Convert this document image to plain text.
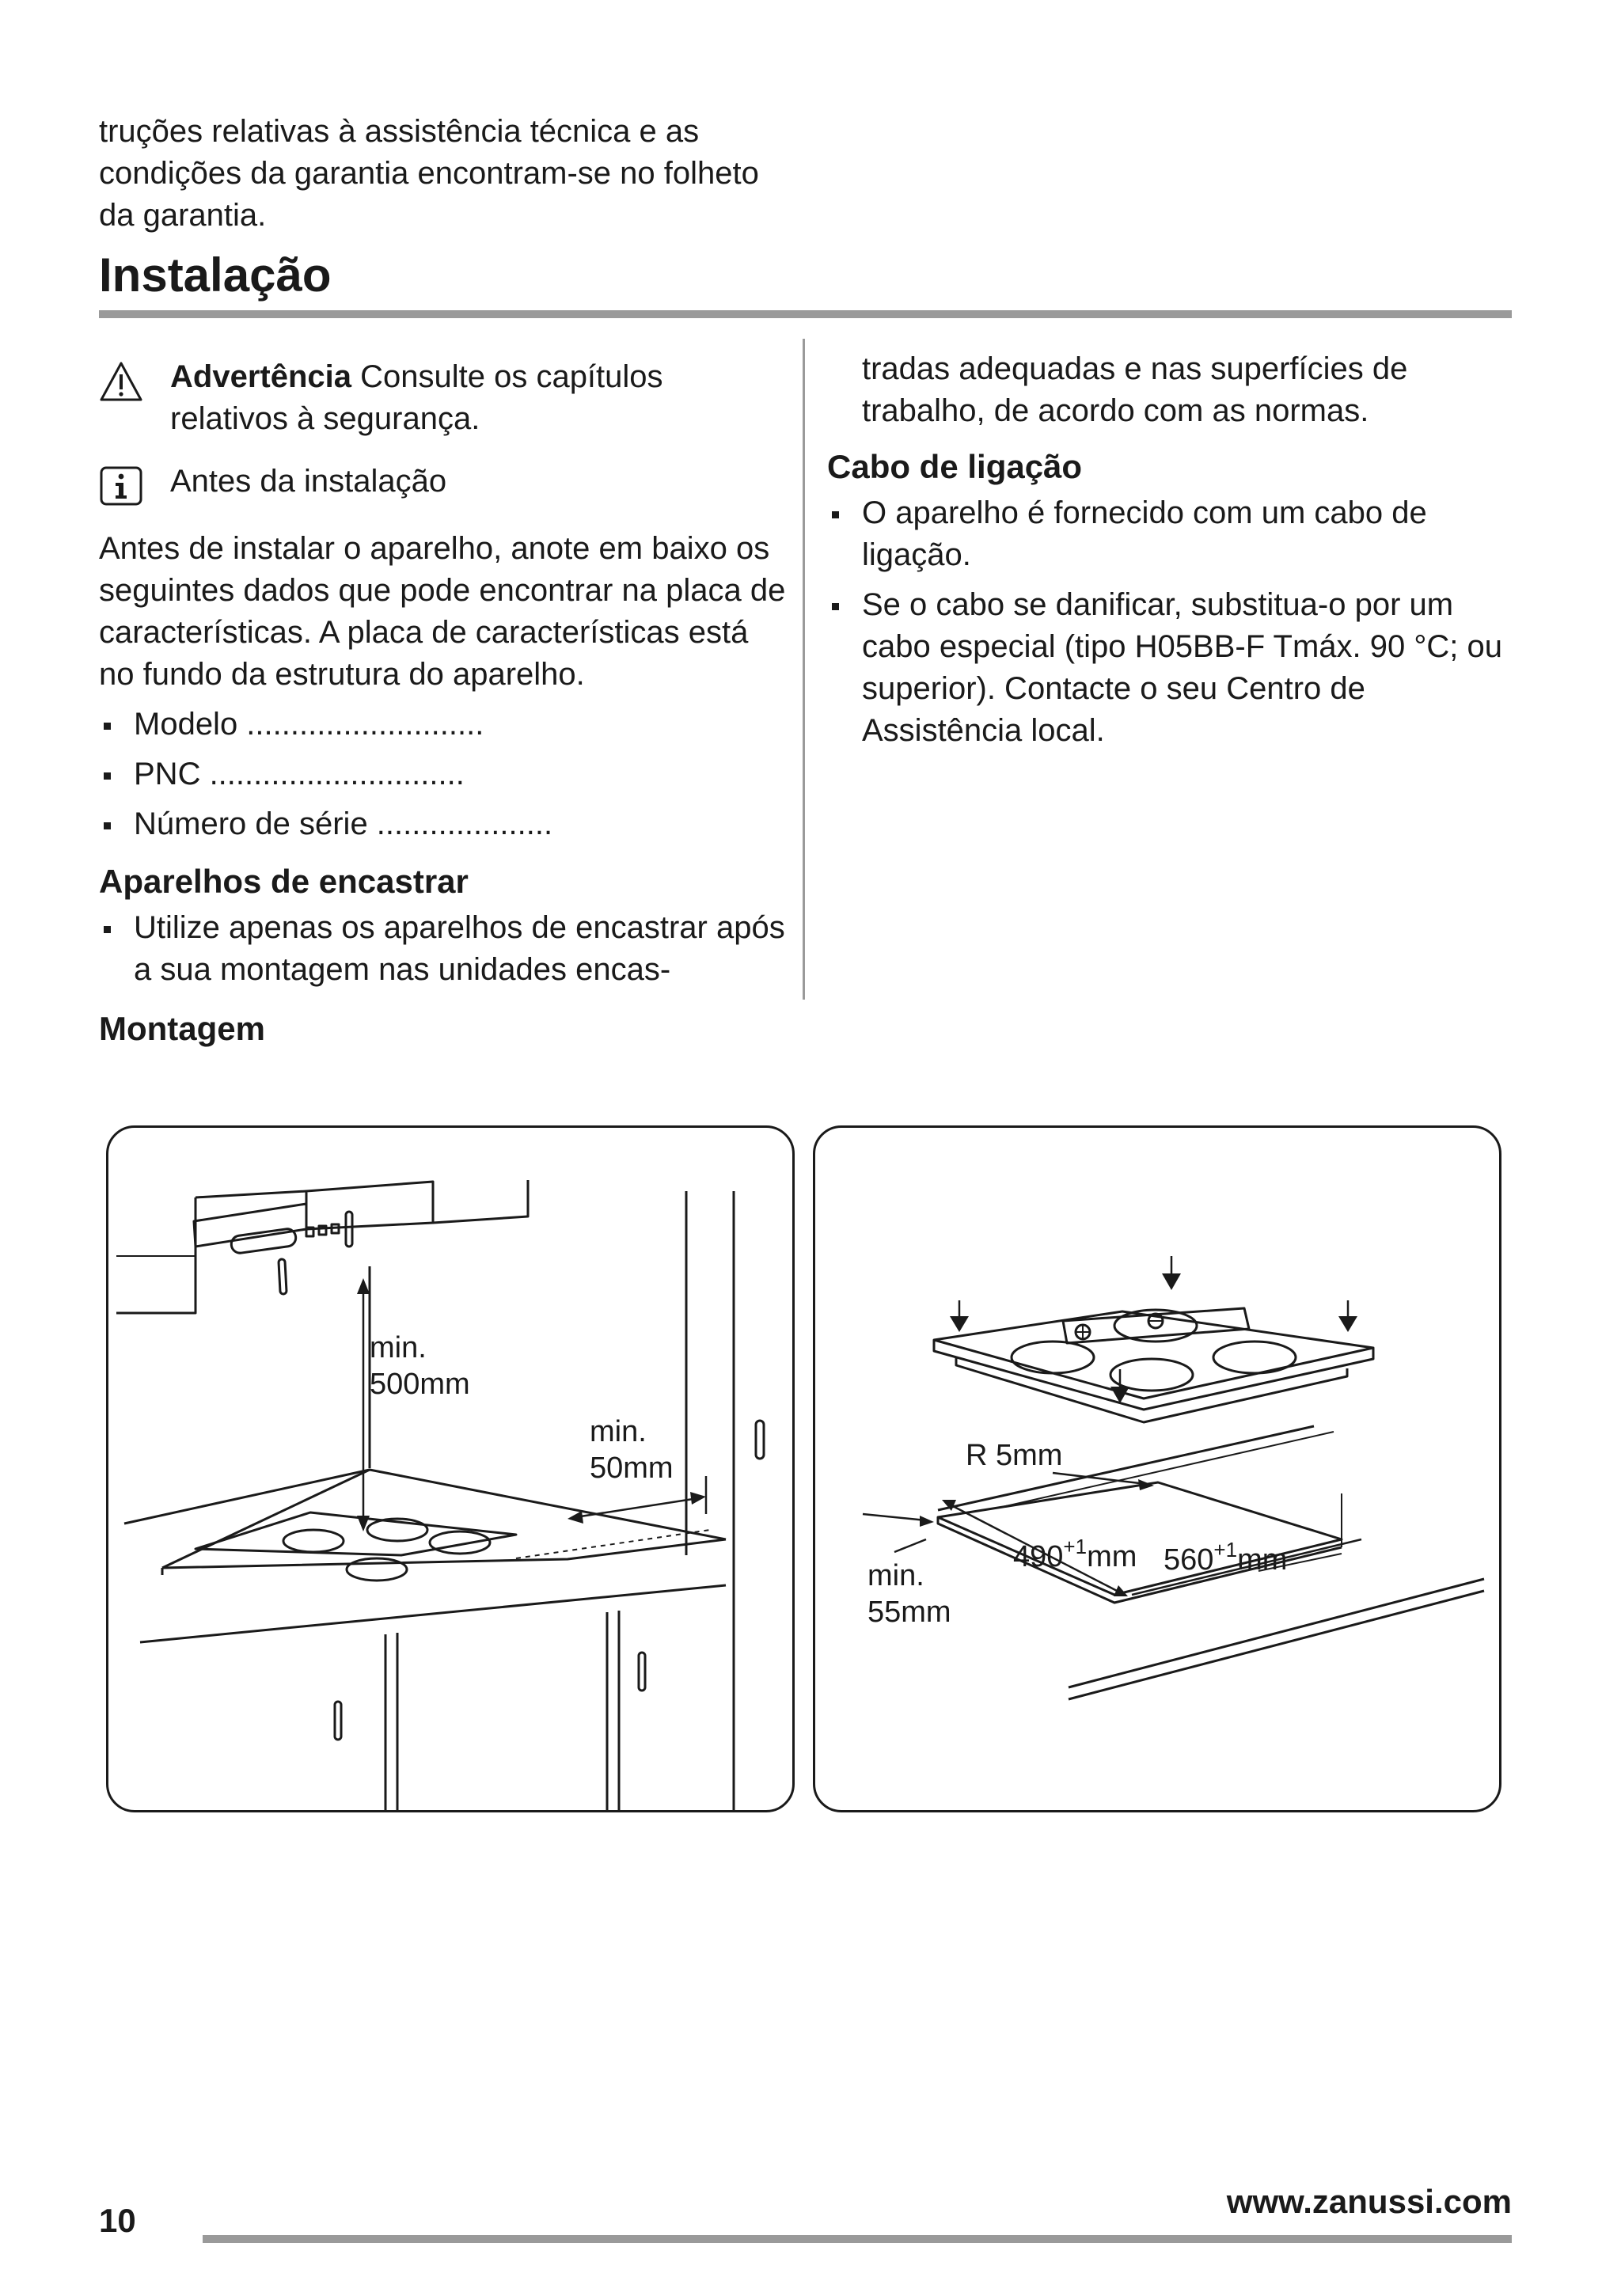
truções relativas à assistência técnica e as condições da garantia encontram-se no folheto da garantia.

Instalação

Advertência Consulte os capítulos relativos à segurança.

Antes da instalação

Antes de instalar o aparelho, anote em baixo os seguintes dados que pode encontrar na placa de características. A placa de características está no fundo da estrutura do aparelho.

Modelo ...........................
PNC .............................
Número de série ....................
Aparelhos de encastrar
Utilize apenas os aparelhos de encastrar após a sua montagem nas unidades encas-
Montagem

tradas adequadas e nas superfícies de trabalho, de acordo com as normas.

Cabo de ligação
O aparelho é fornecido com um cabo de ligação.
Se o cabo se danificar, substitua-o por um cabo especial (tipo H05BB-F Tmáx. 90 °C; ou superior). Contacte o seu Centro de Assistência local.
min.
500mm
min.
50mm	R 5mm
$490^{+1}mm$ $560^{+1}mm$
min.
55mm
10
www.zanussi.com
